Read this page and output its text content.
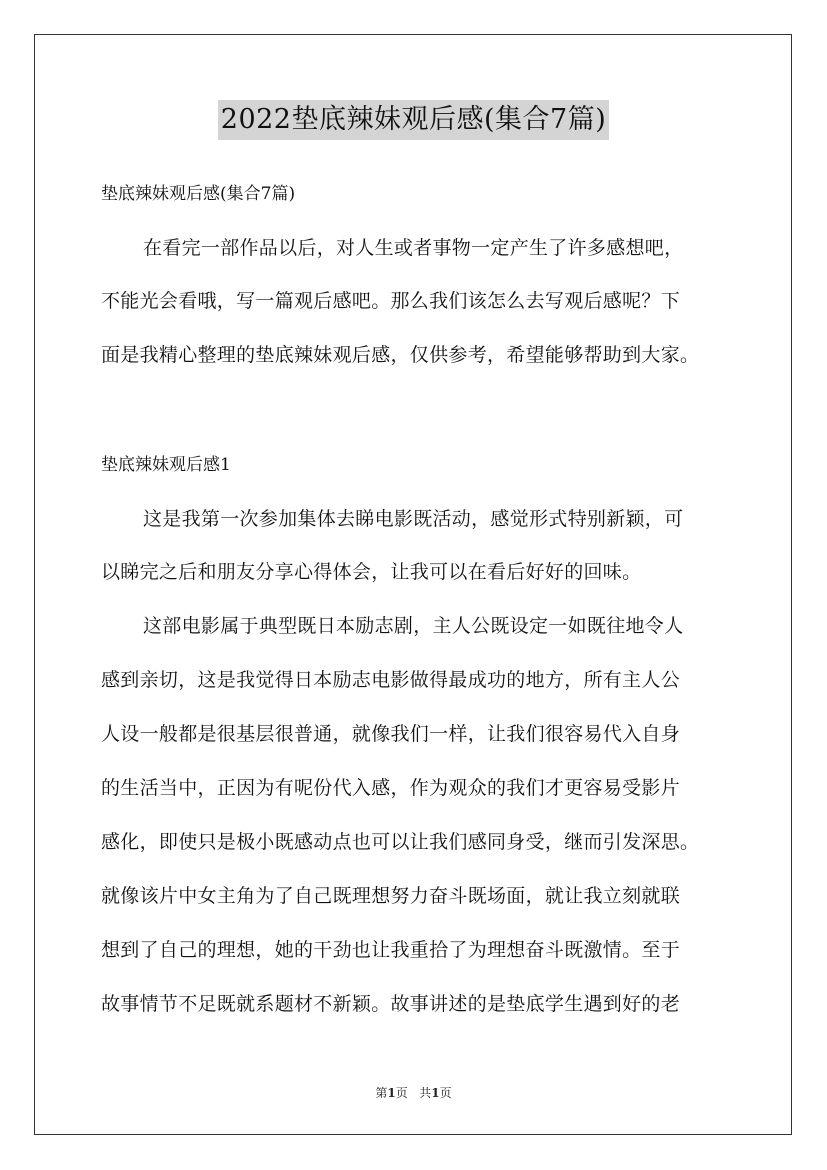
2022垫底辣妹观后感(集合7篇)
垫底辣妹观后感(集合7篇)
在看完一部作品以后，对人生或者事物一定产生了许多感想吧，
不能光会看哦，写一篇观后感吧。那么我们该怎么去写观后感呢？下
面是我精心整理的垫底辣妹观后感，仅供参考，希望能够帮助到大家。
垫底辣妹观后感1
这是我第一次参加集体去睇电影既活动，感觉形式特别新颖，可
以睇完之后和朋友分享心得体会，让我可以在看后好好的回味。
这部电影属于典型既日本励志剧，主人公既设定一如既往地令人
感到亲切，这是我觉得日本励志电影做得最成功的地方，所有主人公
人设一般都是很基层很普通，就像我们一样，让我们很容易代入自身
的生活当中，正因为有呢份代入感，作为观众的我们才更容易受影片
感化，即使只是极小既感动点也可以让我们感同身受，继而引发深思。
就像该片中女主角为了自己既理想努力奋斗既场面，就让我立刻就联
想到了自己的理想，她的干劲也让我重拾了为理想奋斗既激情。至于
故事情节不足既就系题材不新颖。故事讲述的是垫底学生遇到好的老
第1页 共1页
